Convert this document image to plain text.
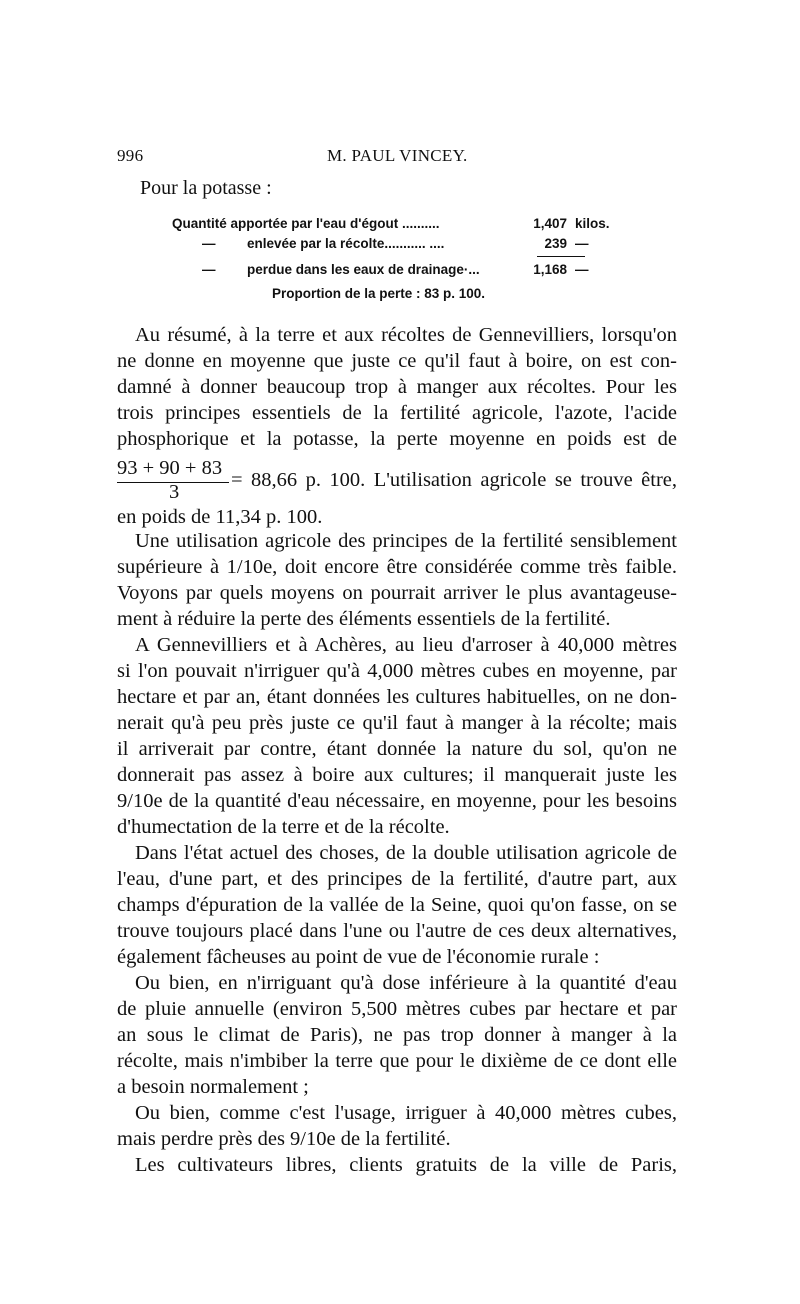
996	M. PAUL VINCEY.
Pour la potasse :
Quantité apportée par l'eau d'égout ..........	1,407 kilos.
— enlevée par la récolte........... ....	239 —
— perdue dans les eaux de drainage·...	1,168 —
Proportion de la perte : 83 p. 100.
Au résumé, à la terre et aux récoltes de Gennevilliers, lorsqu'on
ne donne en moyenne que juste ce qu'il faut à boire, on est con-
damné à donner beaucoup trop à manger aux récoltes. Pour les
trois principes essentiels de la fertilité agricole, l'azote, l'acide
phosphorique et la potasse, la perte moyenne en poids est de
93 + 90 + 83
3
= 88,66 p. 100. L'utilisation agricole se trouve être,
en poids de 11,34 p. 100.
Une utilisation agricole des principes de la fertilité sensiblement
supérieure à 1/10e, doit encore être considérée comme très faible.
Voyons par quels moyens on pourrait arriver le plus avantageuse-
ment à réduire la perte des éléments essentiels de la fertilité.
A Gennevilliers et à Achères, au lieu d'arroser à 40,000 mètres
si l'on pouvait n'irriguer qu'à 4,000 mètres cubes en moyenne, par
hectare et par an, étant données les cultures habituelles, on ne don-
nerait qu'à peu près juste ce qu'il faut à manger à la récolte; mais
il arriverait par contre, étant donnée la nature du sol, qu'on ne
donnerait pas assez à boire aux cultures; il manquerait juste les
9/10e de la quantité d'eau nécessaire, en moyenne, pour les besoins
d'humectation de la terre et de la récolte.
Dans l'état actuel des choses, de la double utilisation agricole de
l'eau, d'une part, et des principes de la fertilité, d'autre part, aux
champs d'épuration de la vallée de la Seine, quoi qu'on fasse, on se
trouve toujours placé dans l'une ou l'autre de ces deux alternatives,
également fâcheuses au point de vue de l'économie rurale :
Ou bien, en n'irriguant qu'à dose inférieure à la quantité d'eau
de pluie annuelle (environ 5,500 mètres cubes par hectare et par
an sous le climat de Paris), ne pas trop donner à manger à la
récolte, mais n'imbiber la terre que pour le dixième de ce dont elle
a besoin normalement ;
Ou bien, comme c'est l'usage, irriguer à 40,000 mètres cubes,
mais perdre près des 9/10e de la fertilité.
Les cultivateurs libres, clients gratuits de la ville de Paris,
